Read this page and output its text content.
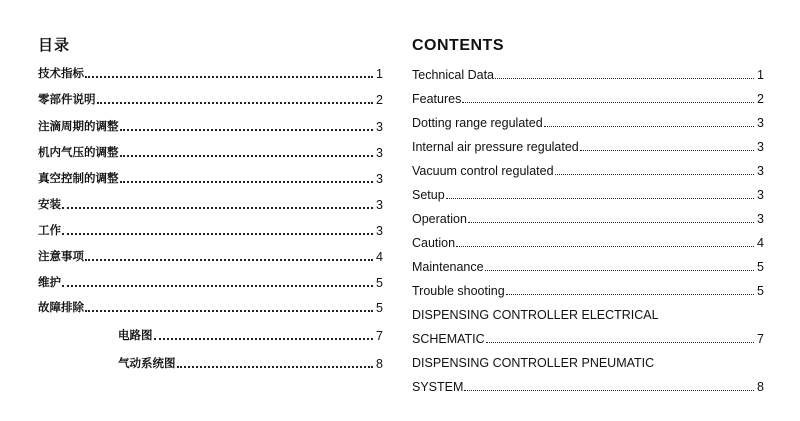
目录
技术指标	1
零部件说明	2
注滴周期的调整	3
机内气压的调整	3
真空控制的调整	3
安装	3
工作	3
注意事项	4
维护	5
故障排除	5
电路图	7
气动系统图	8
CONTENTS
Technical Data	1
Features	2
Dotting range regulated	3
Internal air pressure regulated	3
Vacuum control regulated	3
Setup	3
Operation	3
Caution	4
Maintenance	5
Trouble shooting	5
DISPENSING CONTROLLER ELECTRICAL
SCHEMATIC	7
DISPENSING CONTROLLER PNEUMATIC
SYSTEM	8
